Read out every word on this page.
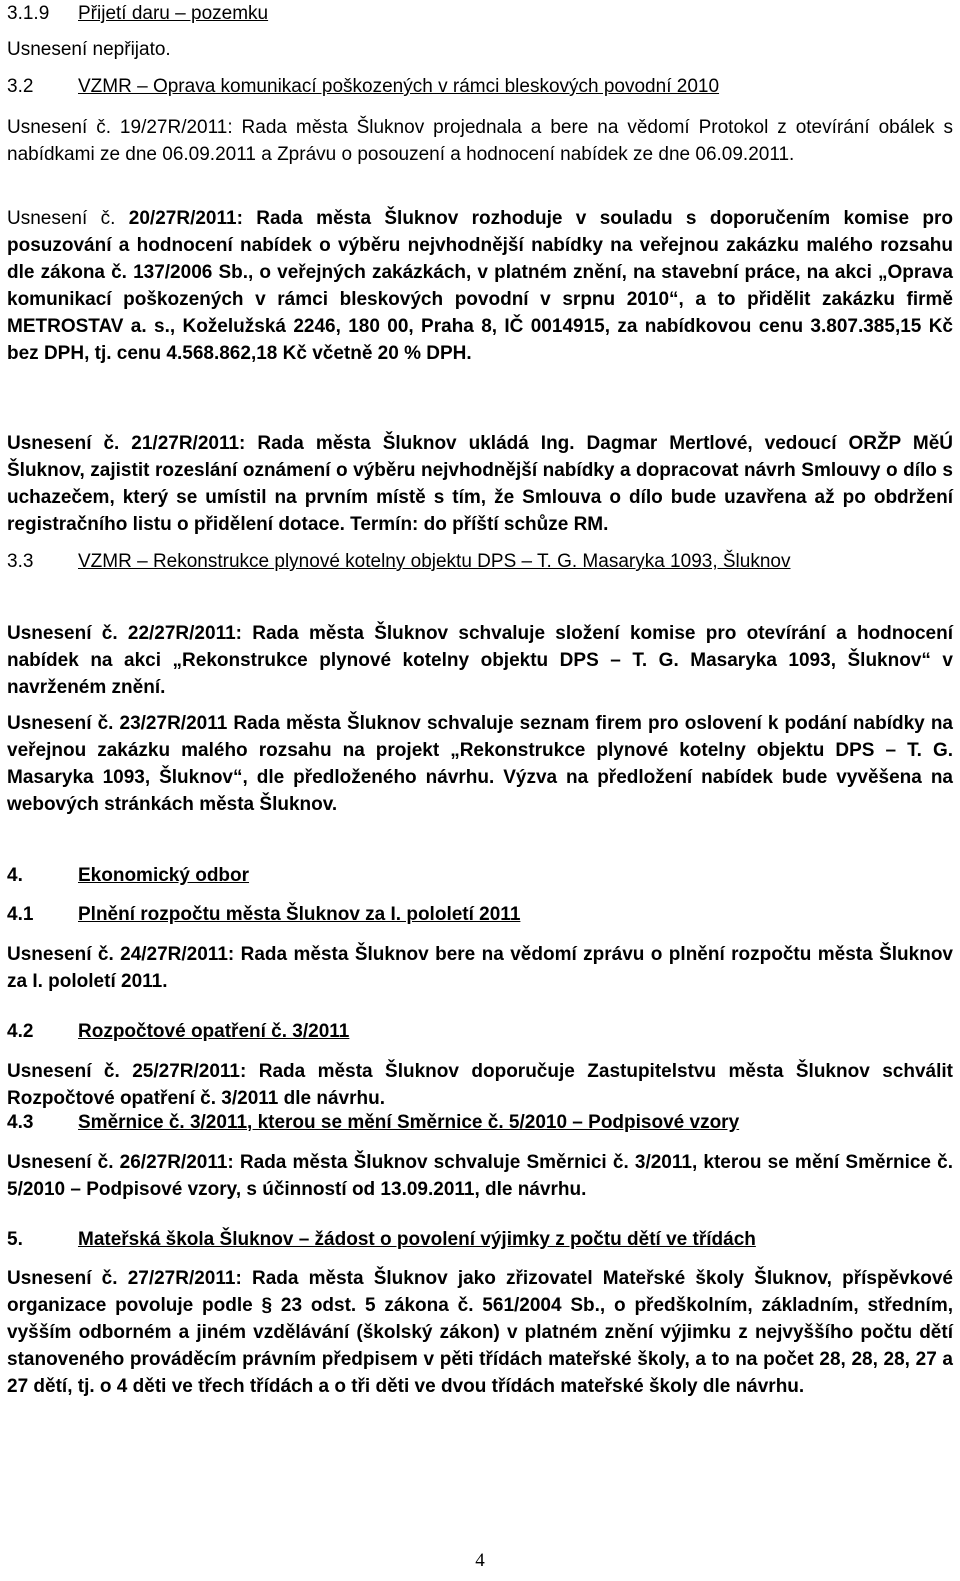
3.1.9 Přijetí daru – pozemku
Usnesení nepřijato.
3.2 VZMR – Oprava komunikací poškozených v rámci bleskových povodní 2010
Usnesení č. 19/27R/2011: Rada města Šluknov projednala a bere na vědomí Protokol z otevírání obálek s nabídkami ze dne 06.09.2011 a Zprávu o posouzení a hodnocení nabídek ze dne 06.09.2011.
Usnesení č. 20/27R/2011: Rada města Šluknov rozhoduje v souladu s doporučením komise pro posuzování a hodnocení nabídek o výběru nejvhodnější nabídky na veřejnou zakázku malého rozsahu dle zákona č. 137/2006 Sb., o veřejných zakázkách, v platném znění, na stavební práce, na akci „Oprava komunikací poškozených v rámci bleskových povodní v srpnu 2010“, a to přidělit zakázku firmě METROSTAV a. s., Koželužská 2246, 180 00, Praha 8, IČ 0014915, za nabídkovou cenu 3.807.385,15 Kč bez DPH, tj. cenu 4.568.862,18 Kč včetně 20 % DPH.
Usnesení č. 21/27R/2011: Rada města Šluknov ukládá Ing. Dagmar Mertlové, vedoucí ORŽP MěÚ Šluknov, zajistit rozeslání oznámení o výběru nejvhodnější nabídky a dopracovat návrh Smlouvy o dílo s uchazečem, který se umístil na prvním místě s tím, že Smlouva o dílo bude uzavřena až po obdržení registračního listu o přidělení dotace. Termín: do příští schůze RM.
3.3	VZMR – Rekonstrukce plynové kotelny objektu DPS – T. G. Masaryka 1093, Šluknov
Usnesení č. 22/27R/2011: Rada města Šluknov schvaluje složení komise pro otevírání a hodnocení nabídek na akci „Rekonstrukce plynové kotelny objektu DPS – T. G. Masaryka 1093, Šluknov“ v navrženém znění.
Usnesení č. 23/27R/2011 Rada města Šluknov schvaluje seznam firem pro oslovení k podání nabídky na veřejnou zakázku malého rozsahu na projekt „Rekonstrukce plynové kotelny objektu DPS – T. G. Masaryka 1093, Šluknov“, dle předloženého návrhu. Výzva na předložení nabídek bude vyvěšena na webových stránkách města Šluknov.
4.	Ekonomický odbor
4.1 Plnění rozpočtu města Šluknov za I. pololetí 2011
Usnesení č. 24/27R/2011: Rada města Šluknov bere na vědomí zprávu o plnění rozpočtu města Šluknov za I. pololetí 2011.
4.2 Rozpočtové opatření č. 3/2011
Usnesení č. 25/27R/2011: Rada města Šluknov doporučuje Zastupitelstvu města Šluknov schválit Rozpočtové opatření č. 3/2011 dle návrhu.
4.3 Směrnice č. 3/2011, kterou se mění Směrnice č. 5/2010 – Podpisové vzory
Usnesení č. 26/27R/2011: Rada města Šluknov schvaluje Směrnici č. 3/2011, kterou se mění Směrnice č. 5/2010 – Podpisové vzory, s účinností od 13.09.2011, dle návrhu.
5.	Mateřská škola Šluknov – žádost o povolení výjimky z počtu dětí ve třídách
Usnesení č. 27/27R/2011: Rada města Šluknov jako zřizovatel Mateřské školy Šluknov, příspěvkové organizace povoluje podle § 23 odst. 5 zákona č. 561/2004 Sb., o předškolním, základním, středním, vyšším odborném a jiném vzdělávání (školský zákon) v platném znění výjimku z nejvyššího počtu dětí stanoveného prováděcím právním předpisem v pěti třídách mateřské školy, a to na počet 28, 28, 28, 27 a 27 dětí, tj. o 4 děti ve třech třídách a o tři děti ve dvou třídách mateřské školy dle návrhu.
4
